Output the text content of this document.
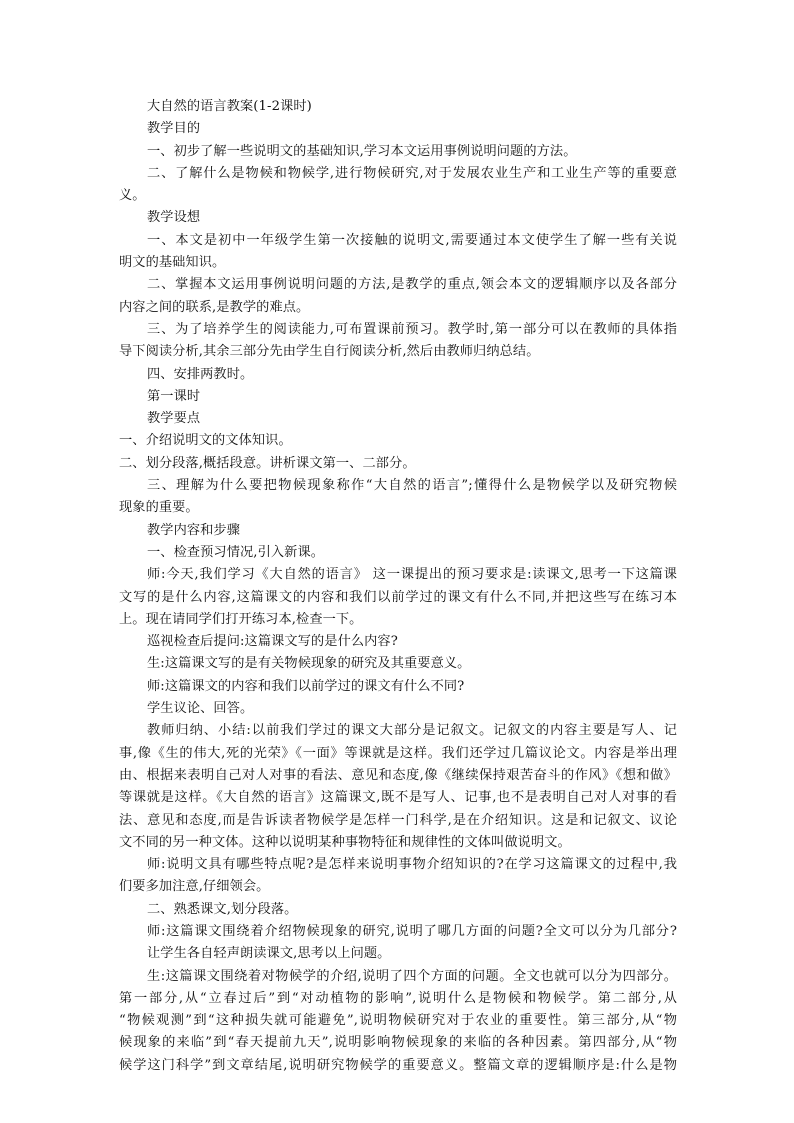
大自然的语言教案(1-2课时)

教学目的

一、初步了解一些说明文的基础知识,学习本文运用事例说明问题的方法。

二、了解什么是物候和物候学,进行物候研究,对于发展农业生产和工业生产等的重要意

义。

教学设想

一、本文是初中一年级学生第一次接触的说明文,需要通过本文使学生了解一些有关说

明文的基础知识。

二、掌握本文运用事例说明问题的方法,是教学的重点,领会本文的逻辑顺序以及各部分

内容之间的联系,是教学的难点。

三、为了培养学生的阅读能力,可布置课前预习。教学时,第一部分可以在教师的具体指

导下阅读分析,其余三部分先由学生自行阅读分析,然后由教师归纳总结。

四、安排两教时。

第一课时

教学要点

一、介绍说明文的文体知识。

二、划分段落,概括段意。讲析课文第一、二部分。

三、理解为什么要把物候现象称作“大自然的语言”;懂得什么是物候学以及研究物候

现象的重要。

教学内容和步骤

一、检查预习情况,引入新课。

师:今天,我们学习《大自然的语言》 这一课提出的预习要求是:读课文,思考一下这篇课

文写的是什么内容,这篇课文的内容和我们以前学过的课文有什么不同,并把这些写在练习本

上。现在请同学们打开练习本,检查一下。

巡视检查后提问:这篇课文写的是什么内容?

生:这篇课文写的是有关物候现象的研究及其重要意义。

师:这篇课文的内容和我们以前学过的课文有什么不同?

学生议论、回答。

教师归纳、小结:以前我们学过的课文大部分是记叙文。记叙文的内容主要是写人、记

事,像《生的伟大,死的光荣》《一面》等课就是这样。我们还学过几篇议论文。内容是举出理

由、根据来表明自己对人对事的看法、意见和态度,像《继续保持艰苦奋斗的作风》《想和做》

等课就是这样。《大自然的语言》这篇课文,既不是写人、记事,也不是表明自己对人对事的看

法、意见和态度,而是告诉读者物候学是怎样一门科学,是在介绍知识。这是和记叙文、议论

文不同的另一种文体。这种以说明某种事物特征和规律性的文体叫做说明文。

师:说明文具有哪些特点呢?是怎样来说明事物介绍知识的?在学习这篇课文的过程中,我

们要多加注意,仔细领会。

二、熟悉课文,划分段落。

师:这篇课文围绕着介绍物候现象的研究,说明了哪几方面的问题?全文可以分为几部分?

让学生各自轻声朗读课文,思考以上问题。

生:这篇课文围绕着对物候学的介绍,说明了四个方面的问题。全文也就可以分为四部分。

第一部分,从“立春过后”到“对动植物的影响”,说明什么是物候和物候学。第二部分,从

“物候观测”到“这种损失就可能避免”,说明物候研究对于农业的重要性。第三部分,从“物

候现象的来临”到“春天提前九天”,说明影响物候现象的来临的各种因素。第四部分,从“物

候学这门科学”到文章结尾,说明研究物候学的重要意义。整篇文章的逻辑顺序是:什么是物
